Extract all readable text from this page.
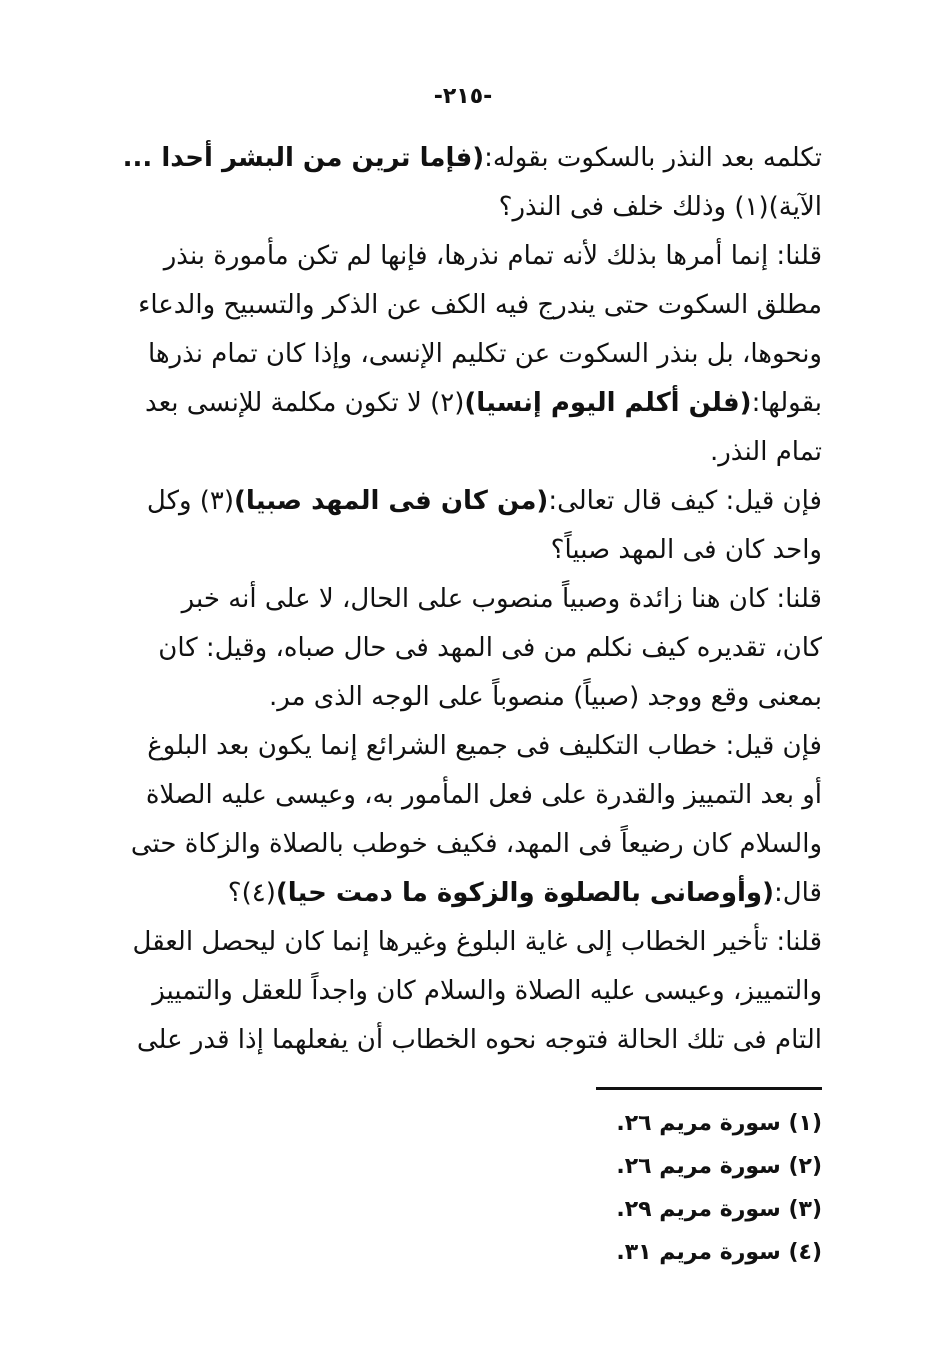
-٢١٥-
تكلمه بعد النذر بالسكوت بقوله:(فإما ترين من البشر أحدا ...
الآية)(١) وذلك خلف فى النذر؟
قلنا: إنما أمرها بذلك لأنه تمام نذرها، فإنها لم تكن مأمورة بنذر
مطلق السكوت حتى يندرج فيه الكف عن الذكر والتسبيح والدعاء
ونحوها، بل بنذر السكوت عن تكليم الإنسى، وإذا كان تمام نذرها
بقولها:(فلن أكلم اليوم إنسيا)(٢) لا تكون مكلمة للإنسى بعد
تمام النذر.
فإن قيل: كيف قال تعالى:(من كان فى المهد صبيا)(٣) وكل
واحد كان فى المهد صبياً؟
قلنا: كان هنا زائدة وصبياً منصوب على الحال، لا على أنه خبر
كان، تقديره كيف نكلم من فى المهد فى حال صباه، وقيل: كان
بمعنى وقع ووجد (صبياً) منصوباً على الوجه الذى مر.
فإن قيل: خطاب التكليف فى جميع الشرائع إنما يكون بعد البلوغ
أو بعد التمييز والقدرة على فعل المأمور به، وعيسى عليه الصلاة
والسلام كان رضيعاً فى المهد، فكيف خوطب بالصلاة والزكاة حتى
قال:(وأوصانى بالصلوة والزكوة ما دمت حيا)(٤)؟
قلنا: تأخير الخطاب إلى غاية البلوغ وغيرها إنما كان ليحصل العقل
والتمييز، وعيسى عليه الصلاة والسلام كان واجداً للعقل والتمييز
التام فى تلك الحالة فتوجه نحوه الخطاب أن يفعلهما إذا قدر على
(١) سورة مريم ٢٦.
(٢) سورة مريم ٢٦.
(٣) سورة مريم ٢٩.
(٤) سورة مريم ٣١.
